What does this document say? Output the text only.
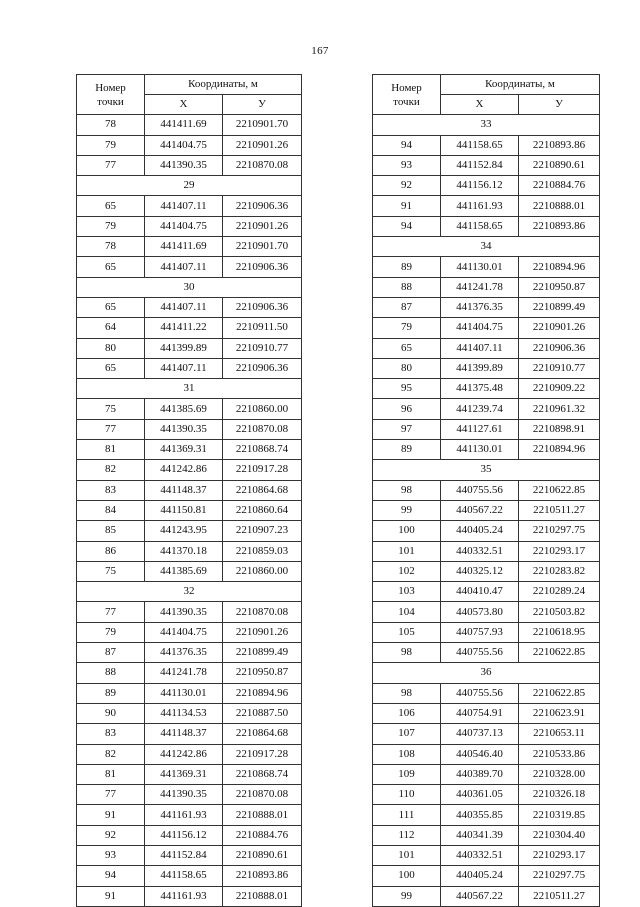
167
Номер
точки	Координаты, м	
	X	У
78	441411.69	2210901.70
79	441404.75	2210901.26
77	441390.35	2210870.08
29		
65	441407.11	2210906.36
79	441404.75	2210901.26
78	441411.69	2210901.70
65	441407.11	2210906.36
30		
65	441407.11	2210906.36
64	441411.22	2210911.50
80	441399.89	2210910.77
65	441407.11	2210906.36
31		
75	441385.69	2210860.00
77	441390.35	2210870.08
81	441369.31	2210868.74
82	441242.86	2210917.28
83	441148.37	2210864.68
84	441150.81	2210860.64
85	441243.95	2210907.23
86	441370.18	2210859.03
75	441385.69	2210860.00
32		
77	441390.35	2210870.08
79	441404.75	2210901.26
87	441376.35	2210899.49
88	441241.78	2210950.87
89	441130.01	2210894.96
90	441134.53	2210887.50
83	441148.37	2210864.68
82	441242.86	2210917.28
81	441369.31	2210868.74
77	441390.35	2210870.08
91	441161.93	2210888.01
92	441156.12	2210884.76
93	441152.84	2210890.61
94	441158.65	2210893.86
91	441161.93	2210888.01
Номер
точки	Координаты, м	
	X	У
33		
94	441158.65	2210893.86
93	441152.84	2210890.61
92	441156.12	2210884.76
91	441161.93	2210888.01
94	441158.65	2210893.86
34		
89	441130.01	2210894.96
88	441241.78	2210950.87
87	441376.35	2210899.49
79	441404.75	2210901.26
65	441407.11	2210906.36
80	441399.89	2210910.77
95	441375.48	2210909.22
96	441239.74	2210961.32
97	441127.61	2210898.91
89	441130.01	2210894.96
35		
98	440755.56	2210622.85
99	440567.22	2210511.27
100	440405.24	2210297.75
101	440332.51	2210293.17
102	440325.12	2210283.82
103	440410.47	2210289.24
104	440573.80	2210503.82
105	440757.93	2210618.95
98	440755.56	2210622.85
36		
98	440755.56	2210622.85
106	440754.91	2210623.91
107	440737.13	2210653.11
108	440546.40	2210533.86
109	440389.70	2210328.00
110	440361.05	2210326.18
111	440355.85	2210319.85
112	440341.39	2210304.40
101	440332.51	2210293.17
100	440405.24	2210297.75
99	440567.22	2210511.27
